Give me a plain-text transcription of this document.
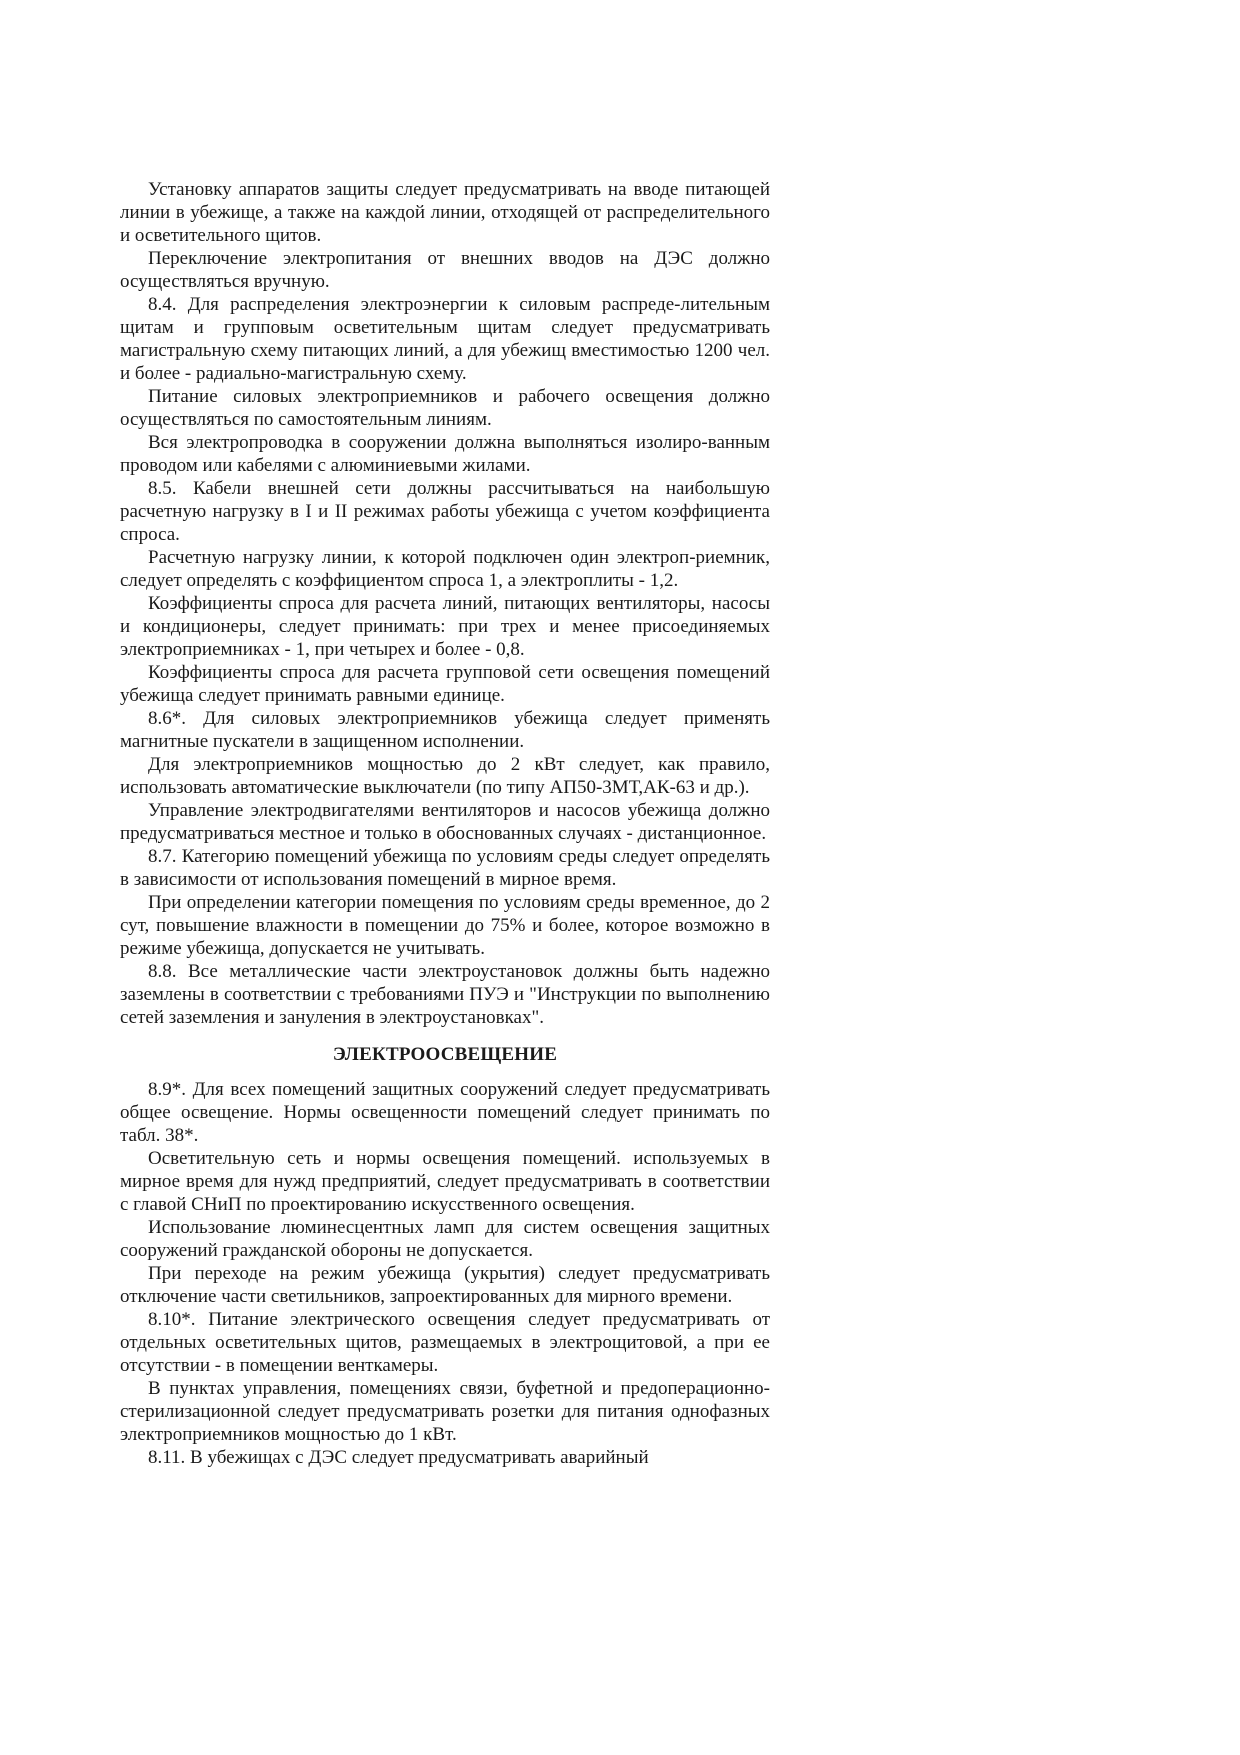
Установку аппаратов защиты следует предусматривать на вводе питающей линии в убежище, а также на каждой линии, отходящей от распределительного и осветительного щитов.

Переключение электропитания от внешних вводов на ДЭС должно осуществляться вручную.

8.4. Для распределения электроэнергии к силовым распреде-лительным щитам и групповым осветительным щитам следует предусматривать магистральную схему питающих линий, а для убежищ вместимостью 1200 чел. и более - радиально-магистральную схему.

Питание силовых электроприемников и рабочего освещения должно осуществляться по самостоятельным линиям.

Вся электропроводка в сооружении должна выполняться изолиро-ванным проводом или кабелями с алюминиевыми жилами.

8.5. Кабели внешней сети должны рассчитываться на наибольшую расчетную нагрузку в I и II режимах работы убежища с учетом коэффициента спроса.

Расчетную нагрузку линии, к которой подключен один электроп-риемник, следует определять с коэффициентом спроса 1, а электроплиты - 1,2.

Коэффициенты спроса для расчета линий, питающих вентиляторы, насосы и кондиционеры, следует принимать: при трех и менее присоединяемых электроприемниках - 1, при четырех и более - 0,8.

Коэффициенты спроса для расчета групповой сети освещения помещений убежища следует принимать равными единице.

8.6*. Для силовых электроприемников убежища следует применять магнитные пускатели в защищенном исполнении.

Для электроприемников мощностью до 2 кВт следует, как правило, использовать автоматические выключатели (по типу АП50-3МТ,АК-63 и др.).

Управление электродвигателями вентиляторов и насосов убежища должно предусматриваться местное и только в обоснованных случаях - дистанционное.

8.7. Категорию помещений убежища по условиям среды следует определять в зависимости от использования помещений в мирное время.

При определении категории помещения по условиям среды временное, до 2 сут, повышение влажности в помещении до 75% и более, которое возможно в режиме убежища, допускается не учитывать.

8.8. Все металлические части электроустановок должны быть надежно заземлены в соответствии с требованиями ПУЭ и "Инструкции по выполнению сетей заземления и зануления в электроустановках".

ЭЛЕКТРООСВЕЩЕНИЕ

8.9*. Для всех помещений защитных сооружений следует предусматривать общее освещение. Нормы освещенности помещений следует принимать по табл. 38*.

Осветительную сеть и нормы освещения помещений. используемых в мирное время для нужд предприятий, следует предусматривать в соответствии с главой СНиП по проектированию искусственного освещения.

Использование люминесцентных ламп для систем освещения защитных сооружений гражданской обороны не допускается.

При переходе на режим убежища (укрытия) следует предусматривать отключение части светильников, запроектированных для мирного времени.

8.10*. Питание электрического освещения следует предусматривать от отдельных осветительных щитов, размещаемых в электрощитовой, а при ее отсутствии - в помещении венткамеры.

В пунктах управления, помещениях связи, буфетной и предоперационно-стерилизационной следует предусматривать розетки для питания однофазных электроприемников мощностью до 1 кВт.

8.11. В убежищах с ДЭС следует предусматривать аварийный
